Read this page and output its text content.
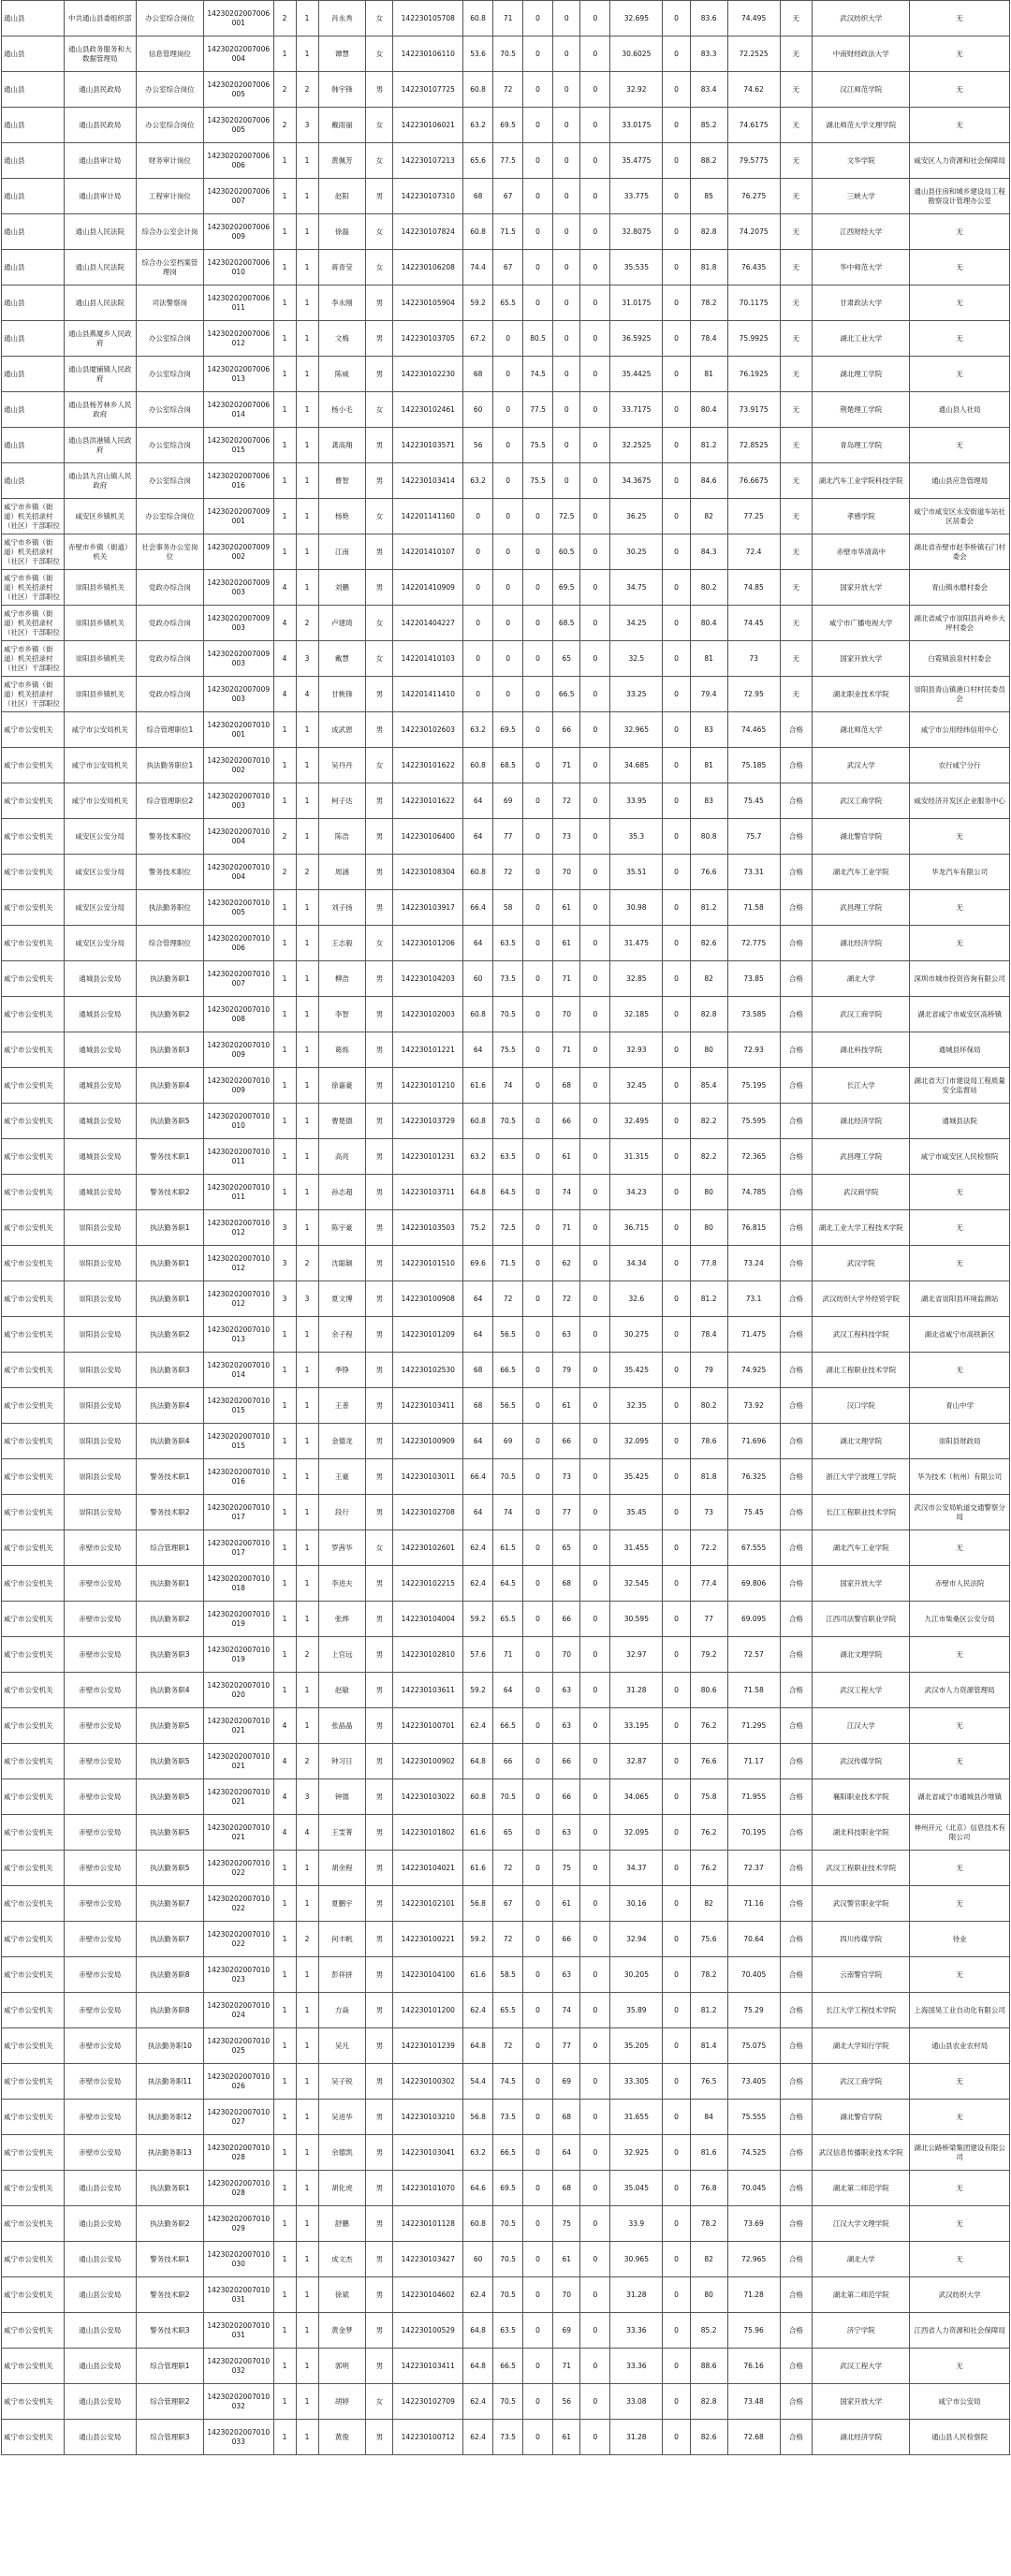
通山县	中共通山县委组织部	办公室综合岗位	14230202007006001	2	1	肖永秀	女	142230105708	60.8	71	0	0	0	32.695	0	83.6	74.495	无	武汉纺织大学	无
通山县	通山县政务服务和大数据管理局	信息管理岗位	14230202007006004	1	1	谭慧	女	142230106110	53.6	70.5	0	0	0	30.6025	0	83.3	72.2525	无	中南财经政法大学	无
通山县	通山县民政局	办公室综合岗位	14230202007006005	2	2	韩宇锋	男	142230107725	60.8	72	0	0	0	32.92	0	83.4	74.62	无	汉江师范学院	无
通山县	通山县民政局	办公室综合岗位	14230202007006005	2	3	戴雨丽	女	142230106021	63.2	69.5	0	0	0	33.0175	0	85.2	74.6175	无	湖北师范大学文理学院	无
通山县	通山县审计局	财务审计岗位	14230202007006006	1	1	黄佩芳	女	142230107213	65.6	77.5	0	0	0	35.4775	0	88.2	79.5775	无	文华学院	咸安区人力资源和社会保障局
通山县	通山县审计局	工程审计岗位	14230202007006007	1	1	赵阳	男	142230107310	68	67	0	0	0	33.775	0	85	76.275	无	三峡大学	通山县住房和城乡建设局工程勘察设计管理办公室
通山县	通山县人民法院	综合办公室会计岗	14230202007006009	1	1	徐磊	女	142230107824	60.8	71.5	0	0	0	32.8075	0	82.8	74.2075	无	江西财经大学	无
通山县	通山县人民法院	综合办公室档案管理岗	14230202007006010	1	1	蒋青莹	女	142230106208	74.4	67	0	0	0	35.535	0	81.8	76.435	无	华中师范大学	无
通山县	通山县人民法院	司法警察岗	14230202007006011	1	1	李永刚	男	142230105904	59.2	65.5	0	0	0	31.0175	0	78.2	70.1175	无	甘肃政法大学	无
通山县	通山县燕厦乡人民政府	办公室综合岗	14230202007006012	1	1	文梅	男	142230103705	67.2	0	80.5	0	0	36.5925	0	78.4	75.9925	无	湖北工业大学	无
通山县	通山县厦铺镇人民政府	办公室综合岗	14230202007006013	1	1	陈威	男	142230102230	68	0	74.5	0	0	35.4425	0	81	76.1925	无	湖北理工学院	无
通山县	通山县杨芳林乡人民政府	办公室综合岗	14230202007006014	1	1	杨小毛	女	142230102461	60	0	77.5	0	0	33.7175	0	80.4	73.9175	无	荆楚理工学院	通山县人社局
通山县	通山县洪港镇人民政府	办公室综合岗	14230202007006015	1	1	龚高翔	男	142230103571	56	0	75.5	0	0	32.2525	0	81.2	72.8525	无	青岛理工学院	无
通山县	通山县九宫山镇人民政府	办公室综合岗	14230202007006016	1	1	曹智	男	142230103414	63.2	0	75.5	0	0	34.3675	0	84.6	76.6675	无	湖北汽车工业学院科技学院	通山县应急管理局
咸宁市乡镇（街道）机关招录村（社区）干部职位	咸安区乡镇机关	办公室综合岗位	14230202007009001	1	1	杨艳	女	142201141160	0	0	0	72.5	0	36.25	0	82	77.25	无	孝感学院	咸宁市咸安区永安街道车站社区居委会
咸宁市乡镇（街道）机关招录村（社区）干部职位	赤壁市乡镇（街道）机关	社会事务办公室岗位	14230202007009002	1	1	江南	男	142201410107	0	0	0	60.5	0	30.25	0	84.3	72.4	无	赤壁市华清高中	湖北省赤壁市赵李桥镇石门村委会
咸宁市乡镇（街道）机关招录村（社区）干部职位	崇阳县乡镇机关	党政办综合岗	14230202007009003	4	1	刘鹏	男	142201410909	0	0	0	69.5	0	34.75	0	80.2	74.85	无	国家开放大学	青山镇水磨村委会
咸宁市乡镇（街道）机关招录村（社区）干部职位	崇阳县乡镇机关	党政办综合岗	14230202007009003	4	2	卢建琦	女	142201404227	0	0	0	68.5	0	34.25	0	80.4	74.45	无	咸宁市广播电视大学	湖北省咸宁市崇阳县肖岭乡大坪村委会
咸宁市乡镇（街道）机关招录村（社区）干部职位	崇阳县乡镇机关	党政办综合岗	14230202007009003	4	3	戴慧	女	142201410103	0	0	0	65	0	32.5	0	81	73	无	国家开放大学	白霓镇浪泉村村委会
咸宁市乡镇（街道）机关招录村（社区）干部职位	崇阳县乡镇机关	党政办综合岗	14230202007009003	4	4	甘桃锋	男	142201411410	0	0	0	66.5	0	33.25	0	79.4	72.95	无	湖北职业技术学院	崇阳县青山镇港口村村民委员会
咸宁市公安机关	咸宁市公安局机关	综合管理职位1	14230202007010001	1	1	成武恩	男	142230102603	63.2	69.5	0	66	0	32.965	0	83	74.465	合格	湖北师范大学	咸宁市公用经纬信用中心
咸宁市公安机关	咸宁市公安局机关	执法勤务职位1	14230202007010002	1	1	吴丹丹	女	142230101622	60.8	68.5	0	71	0	34.685	0	81	75.185	合格	武汉大学	农行咸宁分行
咸宁市公安机关	咸宁市公安局机关	综合管理职位2	14230202007010003	1	1	柯子达	男	142230101622	64	69	0	72	0	33.95	0	83	75.45	合格	武汉工商学院	咸安经济开发区企业服务中心
咸宁市公安机关	咸安区公安分局	警务技术职位	14230202007010004	2	1	陈浩	男	142230106400	64	77	0	73	0	35.3	0	80.8	75.7	合格	湖北警官学院	无
咸宁市公安机关	咸安区公安分局	警务技术职位	14230202007010004	2	2	周涵	男	142230108304	60.8	72	0	70	0	35.51	0	76.6	73.31	合格	湖北汽车工业学院	华龙汽车有限公司
咸宁市公安机关	咸安区公安分局	执法勤务职位	14230202007010005	1	1	刘子扬	男	142230103917	66.4	58	0	61	0	30.98	0	81.2	71.58	合格	武昌理工学院	无
咸宁市公安机关	咸安区公安分局	综合管理职位	14230202007010006	1	1	王志毅	女	142230101206	64	63.5	0	61	0	31.475	0	82.6	72.775	合格	湖北经济学院	无
咸宁市公安机关	通城县公安局	执法勤务职1	14230202007010007	1	1	柳浩	男	142230104203	60	73.5	0	71	0	32.85	0	82	73.85	合格	湖北大学	深圳市城市投资咨询有限公司
咸宁市公安机关	通城县公安局	执法勤务职2	14230202007010008	1	1	李智	男	142230102003	60.8	70.5	0	70	0	32.185	0	82.8	73.585	合格	武汉工商学院	湖北省咸宁市咸安区高桥镇
咸宁市公安机关	通城县公安局	执法勤务职3	14230202007010009	1	1	葛烁	男	142230101221	64	75.5	0	71	0	32.93	0	80	72.93	合格	湖北科技学院	通城县环保局
咸宁市公安机关	通城县公安局	执法勤务职4	14230202007010009	1	1	徐嘉豪	男	142230101210	61.6	74	0	68	0	32.45	0	85.4	75.195	合格	长江大学	湖北省天门市建设局工程质量安全监督站
咸宁市公安机关	通城县公安局	执法勤务职5	14230202007010010	1	1	曹楚德	男	142230103729	60.8	70.5	0	66	0	32.495	0	82.2	75.595	合格	湖北经济学院	通城县法院
咸宁市公安机关	通城县公安局	警务技术职1	14230202007010011	1	1	高亮	男	142230101231	63.2	63.5	0	61	0	31.315	0	82.2	72.365	合格	武昌理工学院	咸宁市咸安区人民检察院
咸宁市公安机关	通城县公安局	警务技术职2	14230202007010011	1	1	孙志超	男	142230103711	64.8	64.5	0	74	0	34.23	0	80	74.785	合格	武汉商学院	无
咸宁市公安机关	崇阳县公安局	执法勤务职1	14230202007010012	3	1	陈宇豪	男	142230103503	75.2	72.5	0	71	0	36.715	0	80	76.815	合格	湖北工业大学工程技术学院	无
咸宁市公安机关	崇阳县公安局	执法勤务职1	14230202007010012	3	2	沈聪颖	男	142230101510	69.6	71.5	0	62	0	34.34	0	77.8	73.24	合格	武汉学院	无
咸宁市公安机关	崇阳县公安局	执法勤务职1	14230202007010012	3	3	夏文博	男	142230100908	64	72	0	72	0	32.6	0	81.2	73.1	合格	武汉纺织大学外经贸学院	湖北省崇阳县环境监测站
咸宁市公安机关	崇阳县公安局	执法勤务职2	14230202007010013	1	1	余子程	男	142230101209	64	56.5	0	63	0	30.275	0	78.4	71.475	合格	武汉工程科技学院	湖北省咸宁市高铁新区
咸宁市公安机关	崇阳县公安局	执法勤务职3	14230202007010014	1	1	季铮	男	142230102530	68	66.5	0	79	0	35.425	0	79	74.925	合格	湖北工程职业技术学院	无
咸宁市公安机关	崇阳县公安局	执法勤务职4	14230202007010015	1	1	王普	男	142230103411	68	56.5	0	61	0	32.35	0	80.2	73.92	合格	汉口学院	青山中学
咸宁市公安机关	崇阳县公安局	执法勤务职4	14230202007010015	1	1	金德龙	男	142230100909	64	69	0	66	0	32.095	0	78.6	71.696	合格	湖北文理学院	崇阳县财政局
咸宁市公安机关	崇阳县公安局	警务技术职1	14230202007010016	1	1	王豪	男	142230103011	66.4	70.5	0	73	0	35.425	0	81.8	76.325	合格	浙江大学宁波理工学院	华为技术（杭州）有限公司
咸宁市公安机关	崇阳县公安局	警务技术职2	14230202007010017	1	1	段行	男	142230102708	64	74	0	77	0	35.45	0	73	75.45	合格	长江工程职业技术学院	武汉市公安局轨道交通警察分局
咸宁市公安机关	赤壁市公安局	综合管理职1	14230202007010017	1	1	罗茜华	女	142230102601	62.4	61.5	0	65	0	31.455	0	72.2	67.555	合格	湖北汽车工业学院	无
咸宁市公安机关	赤壁市公安局	执法勤务职1	14230202007010018	1	1	李进夫	男	142230102215	62.4	64.5	0	68	0	32.545	0	77.4	69.806	合格	国家开放大学	赤壁市人民法院
咸宁市公安机关	赤壁市公安局	执法勤务职2	14230202007010019	1	1	张烨	男	142230104004	59.2	65.5	0	66	0	30.595	0	77	69.095	合格	江西司法警官职业学院	九江市柴桑区公安分局
咸宁市公安机关	赤壁市公安局	执法勤务职3	14230202007010019	1	2	上官远	男	142230102810	57.6	71	0	70	0	32.97	0	79.2	72.57	合格	湖北文理学院	无
咸宁市公安机关	赤壁市公安局	执法勤务职4	14230202007010020	1	1	赵敏	男	142230103611	59.2	64	0	63	0	31.28	0	80.6	71.58	合格	武汉工程大学	武汉市人力资源管理局
咸宁市公安机关	赤壁市公安局	执法勤务职5	14230202007010021	4	1	张晶晶	男	142230100701	62.4	66.5	0	63	0	33.195	0	76.2	71.295	合格	江汉大学	无
咸宁市公安机关	赤壁市公安局	执法勤务职5	14230202007010021	4	2	钟习日	男	142230100902	64.8	66	0	66	0	32.87	0	76.6	71.17	合格	武汉传媒学院	无
咸宁市公安机关	赤壁市公安局	执法勤务职5	14230202007010021	4	3	钟德	男	142230103022	60.8	70.5	0	66	0	34.065	0	75.8	71.955	合格	襄阳职业技术学院	湖北省咸宁市通城县沙堆镇
咸宁市公安机关	赤壁市公安局	执法勤务职5	14230202007010021	4	4	王雯菁	男	142230101802	61.6	65	0	63	0	32.095	0	76.2	70.195	合格	湖北科技职业学院	神州开元（北京）信息技术有限公司
咸宁市公安机关	赤壁市公安局	执法勤务职5	14230202007010022	1	1	胡余程	男	142230104021	61.6	72	0	75	0	34.37	0	76.2	72.37	合格	武汉工程职业技术学院	无
咸宁市公安机关	赤壁市公安局	执法勤务职7	14230202007010022	1	1	夏鹏宇	男	142230102101	56.8	67	0	61	0	30.16	0	82	71.16	合格	武汉警官职业学院	无
咸宁市公安机关	赤壁市公安局	执法勤务职7	14230202007010022	1	2	何丰帆	男	142230100221	59.2	72	0	66	0	32.94	0	75.6	70.64	合格	四川传媒学院	待业
咸宁市公安机关	赤壁市公安局	执法勤务职8	14230202007010023	1	1	彭祥拼	男	142230104100	61.6	58.5	0	63	0	30.205	0	78.2	70.405	合格	云南警官学院	无
咸宁市公安机关	赤壁市公安局	执法勤务职8	14230202007010024	1	1	方焱	男	142230101200	62.4	65.5	0	74	0	35.89	0	81.2	75.29	合格	长江大学工程技术学院	上海国昊工业自动化有限公司
咸宁市公安机关	赤壁市公安局	执法勤务职10	14230202007010025	1	1	吴凡	男	142230101239	64.8	72	0	77	0	35.205	0	81.4	75.075	合格	湖北大学知行学院	通山县农业农村局
咸宁市公安机关	赤壁市公安局	执法勤务职11	14230202007010026	1	1	吴子锐	男	142230100302	54.4	74.5	0	69	0	33.305	0	76.5	73.405	合格	武汉工商学院	无
咸宁市公安机关	赤壁市公安局	执法勤务职12	14230202007010027	1	1	吴进华	男	142230103210	56.8	73.5	0	68	0	31.655	0	84	75.555	合格	湖北警官学院	无
咸宁市公安机关	赤壁市公安局	执法勤务职13	14230202007010028	1	1	余德凯	男	142230103041	63.2	66.5	0	64	0	32.925	0	81.6	74.525	合格	武汉信息传播职业技术学院	湖北公路桥梁集团建设有限公司
咸宁市公安机关	通山县公安局	执法勤务职1	14230202007010028	1	1	胡化虎	男	142230101070	64.6	69.5	0	68	0	35.045	0	76.8	70.045	合格	湖北第二师范学院	无
咸宁市公安机关	通山县公安局	执法勤务职2	14230202007010029	1	1	舒鹏	男	142230101128	60.8	70.5	0	75	0	33.9	0	78.2	73.69	合格	江汉大学文理学院	无
咸宁市公安机关	通山县公安局	警务技术职1	14230202007010030	1	1	成文杰	男	142230103427	60	70.5	0	61	0	30.965	0	82	72.965	合格	湖北大学	无
咸宁市公安机关	通山县公安局	警务技术职2	14230202007010031	1	1	徐斌	男	142230104602	62.4	70.5	0	70	0	31.28	0	80	71.28	合格	湖北第二师范学院	武汉纺织大学
咸宁市公安机关	通山县公安局	警务技术职3	14230202007010031	1	1	黄金梦	男	142230100529	64.8	63.5	0	69	0	33.36	0	85.2	75.96	合格	济宁学院	江西省人力资源和社会保障局
咸宁市公安机关	通山县公安局	综合管理职1	14230202007010032	1	1	郭明	男	142230103411	64.8	66.5	0	71	0	33.36	0	88.6	76.16	合格	武汉工程大学	无
咸宁市公安机关	通山县公安局	综合管理职2	14230202007010032	1	1	胡婷	女	142230102709	62.4	70.5	0	56	0	33.08	0	82.8	73.48	合格	国家开放大学	咸宁市公安局
咸宁市公安机关	通山县公安局	综合管理职3	14230202007010033	1	1	黄俊	男	142230100712	62.4	73.5	0	61	0	31.28	0	82.6	72.68	合格	湖北经济学院	通山县人民检察院
